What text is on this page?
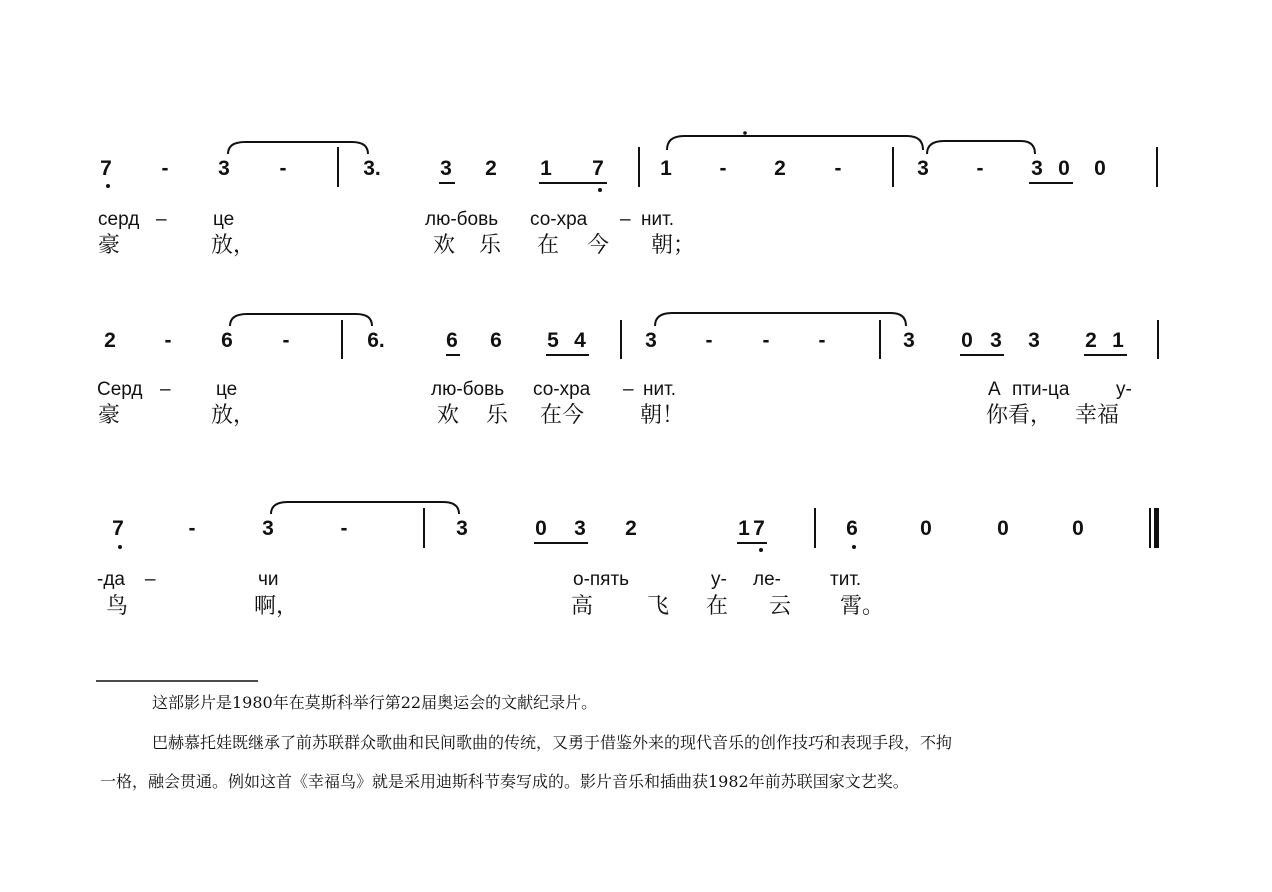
7 - 3 -	3.	3 2 1 7	1 - 2 -	3 - 3 0 0
серд – це	лю-бовь со-хра – нит.
豪	放，	欢 乐 在 今 朝；
2 - 6 -	6.	6 6 5 4	3 - - -	3 0 3 3 2 1
Серд – це	лю-бовь со-хра – нит.	А пти-ца у-
豪	放，	欢 乐 在今	朝！	你看， 幸福
7	-	3	-	3	0 3 2	1 7	6	0	0	0
-да –	чи	о-пять	у- ле-	тит.
鸟	啊，	高 飞 在 云 霄。
这部影片是1980年在莫斯科举行第22届奥运会的文献纪录片。
巴赫慕托娃既继承了前苏联群众歌曲和民间歌曲的传统，又勇于借鉴外来的现代音乐的创作技巧和表现手段，不拘
一格，融会贯通。例如这首《幸福鸟》就是采用迪斯科节奏写成的。影片音乐和插曲获1982年前苏联国家文艺奖。
